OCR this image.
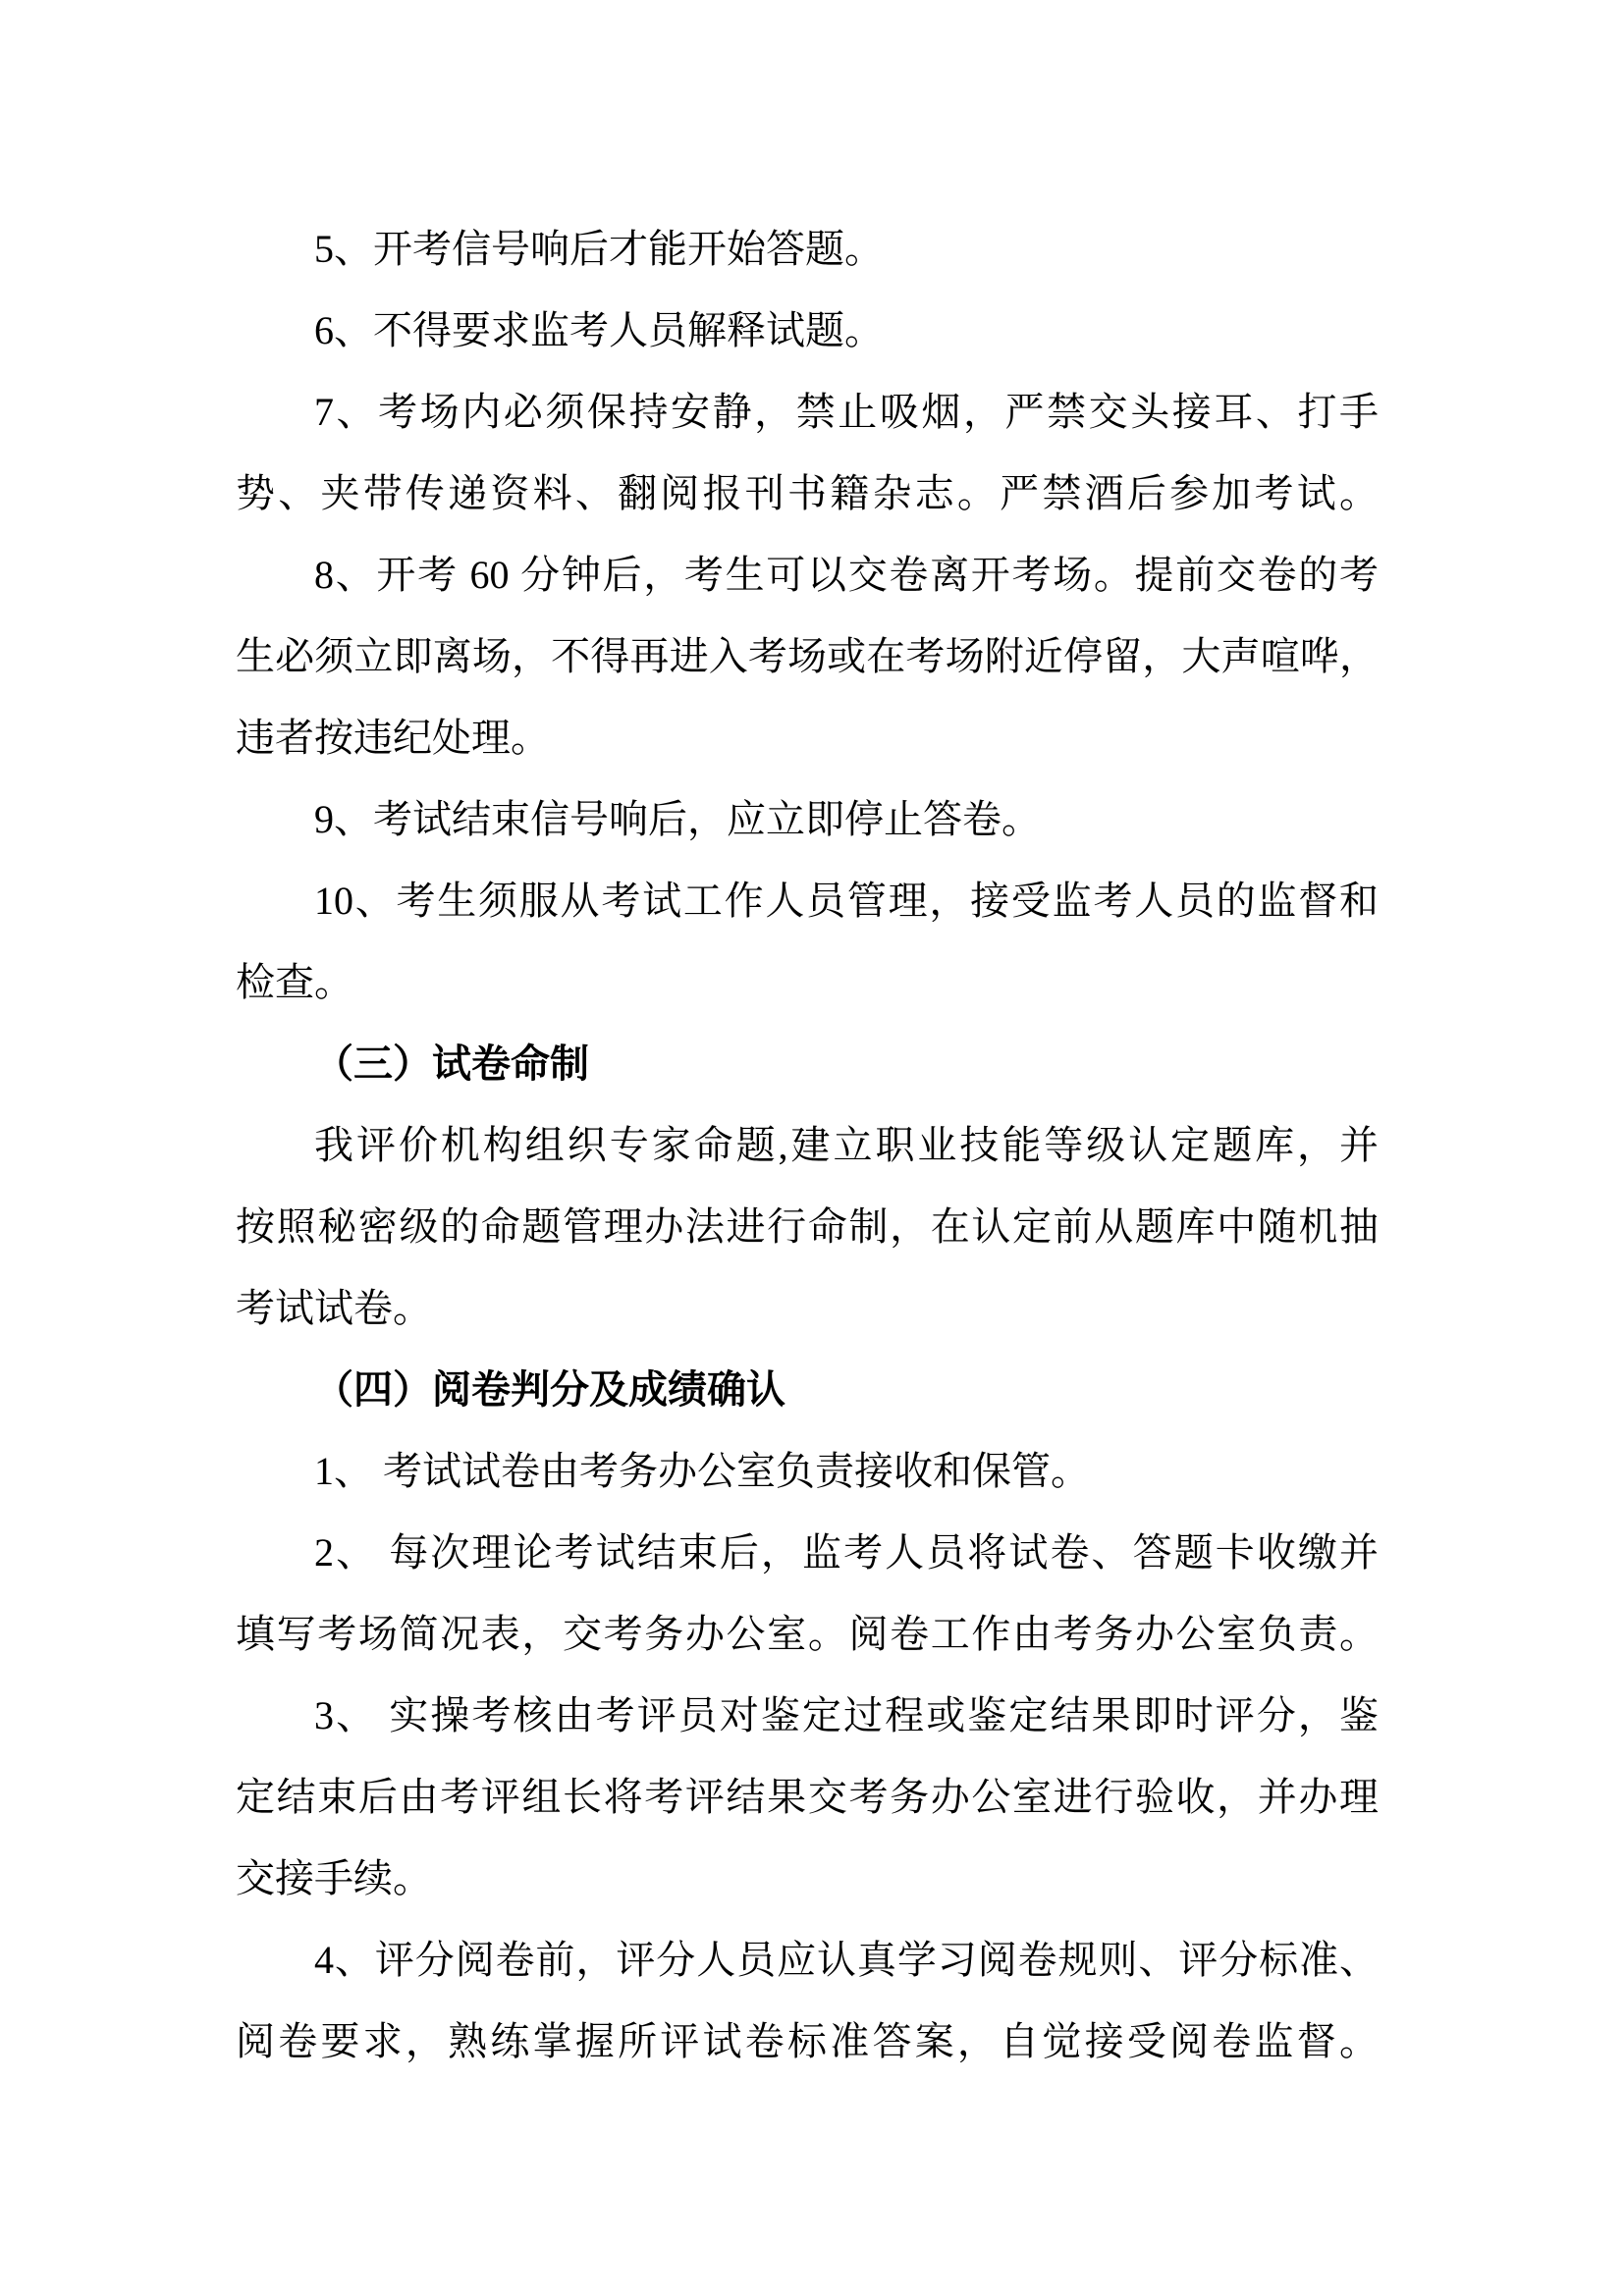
5、开考信号响后才能开始答题。
6、不得要求监考人员解释试题。
7、考场内必须保持安静，禁止吸烟，严禁交头接耳、打手
势、夹带传递资料、翻阅报刊书籍杂志。严禁酒后参加考试。
8、开考 60 分钟后，考生可以交卷离开考场。提前交卷的考
生必须立即离场，不得再进入考场或在考场附近停留，大声喧哗，
违者按违纪处理。
9、考试结束信号响后，应立即停止答卷。
10、考生须服从考试工作人员管理，接受监考人员的监督和
检查。
（三）试卷命制
我评价机构组织专家命题,建立职业技能等级认定题库，并
按照秘密级的命题管理办法进行命制，在认定前从题库中随机抽
考试试卷。
（四）阅卷判分及成绩确认
1、 考试试卷由考务办公室负责接收和保管。
2、 每次理论考试结束后，监考人员将试卷、答题卡收缴并
填写考场简况表，交考务办公室。阅卷工作由考务办公室负责。
3、 实操考核由考评员对鉴定过程或鉴定结果即时评分，鉴
定结束后由考评组长将考评结果交考务办公室进行验收，并办理
交接手续。
4、评分阅卷前，评分人员应认真学习阅卷规则、评分标准、
阅卷要求，熟练掌握所评试卷标准答案，自觉接受阅卷监督。
